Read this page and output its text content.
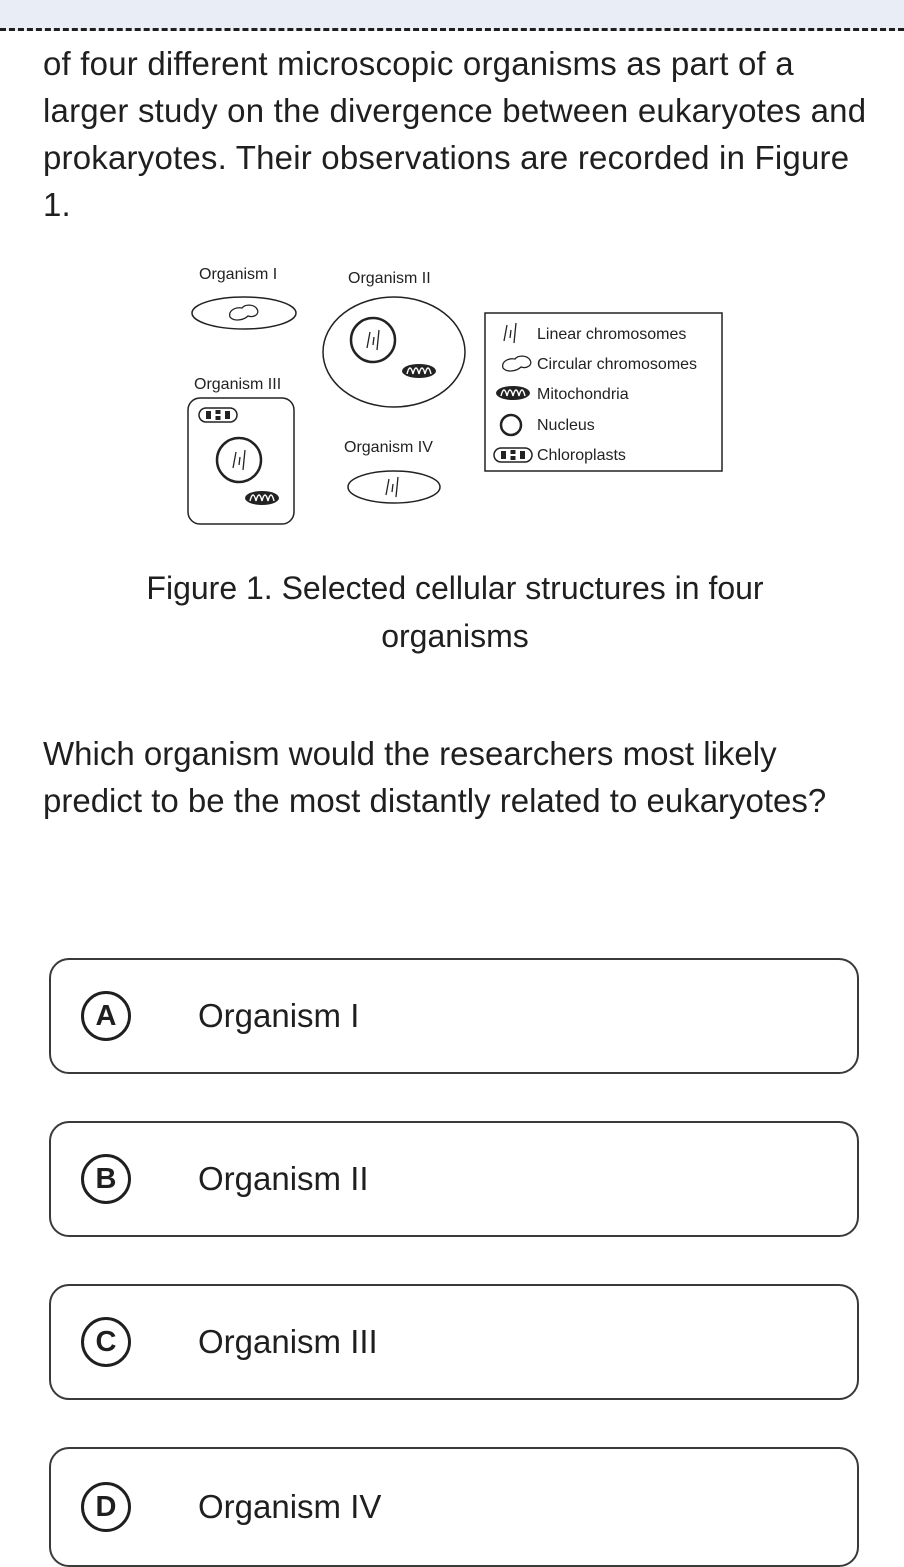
of four different microscopic organisms as part of a larger study on the divergence between eukaryotes and prokaryotes. Their observations are recorded in Figure 1.

Organism I	Organism II
Organism III
Organism IV
Linear chromosomes
Circular chromosomes
Mitochondria
Nucleus
Chloroplasts

Figure 1. Selected cellular structures in four organisms

Which organism would the researchers most likely predict to be the most distantly related to eukaryotes?

A	Organism I
B	Organism II
C	Organism III
D	Organism IV
